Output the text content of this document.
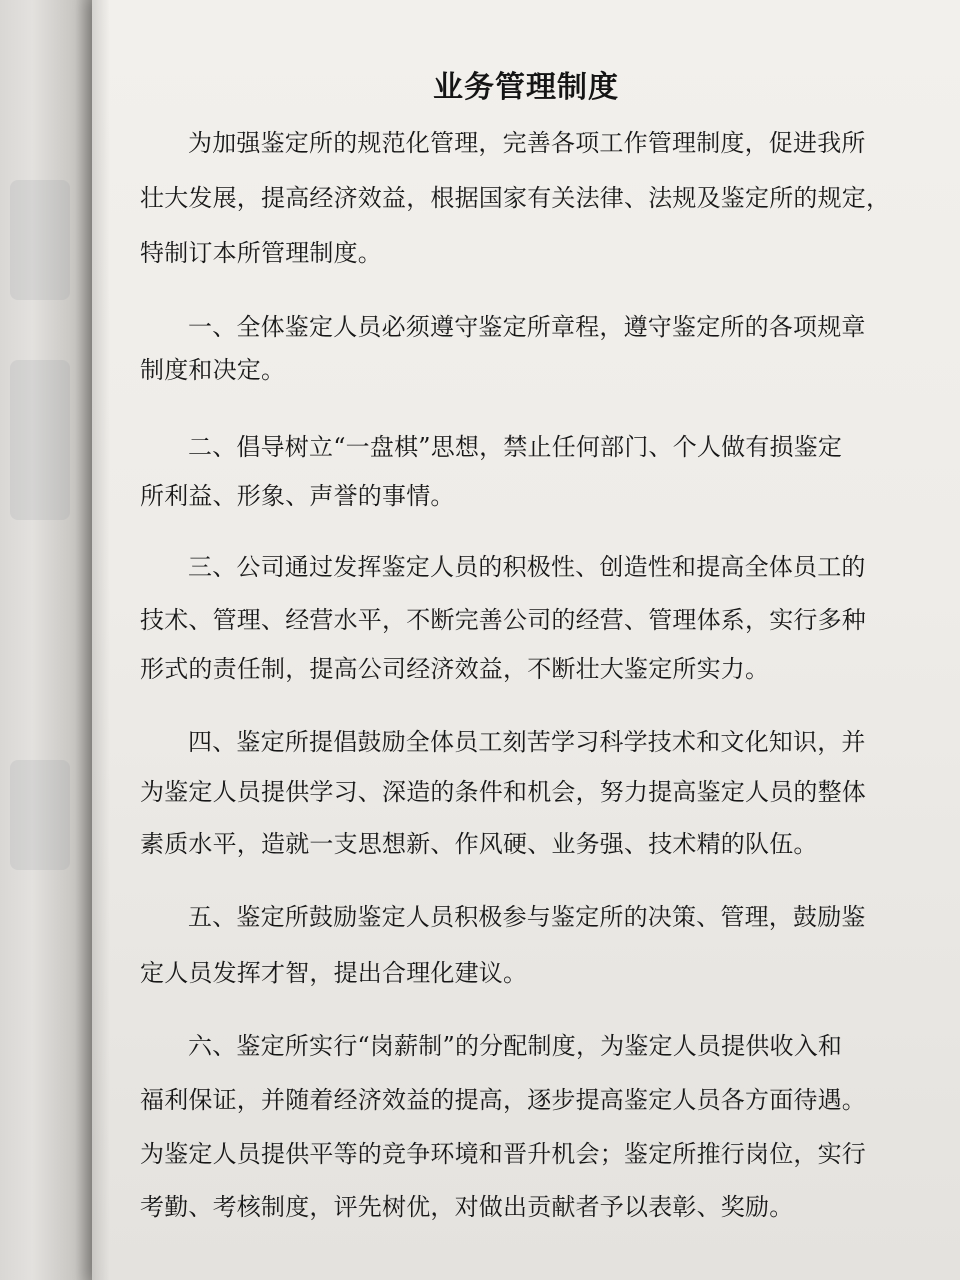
业务管理制度
为加强鉴定所的规范化管理，完善各项工作管理制度，促进我所
壮大发展，提高经济效益，根据国家有关法律、法规及鉴定所的规定，
特制订本所管理制度。
一、全体鉴定人员必须遵守鉴定所章程，遵守鉴定所的各项规章
制度和决定。
二、倡导树立“一盘棋”思想，禁止任何部门、个人做有损鉴定
所利益、形象、声誉的事情。
三、公司通过发挥鉴定人员的积极性、创造性和提高全体员工的
技术、管理、经营水平，不断完善公司的经营、管理体系，实行多种
形式的责任制，提高公司经济效益，不断壮大鉴定所实力。
四、鉴定所提倡鼓励全体员工刻苦学习科学技术和文化知识，并
为鉴定人员提供学习、深造的条件和机会，努力提高鉴定人员的整体
素质水平，造就一支思想新、作风硬、业务强、技术精的队伍。
五、鉴定所鼓励鉴定人员积极参与鉴定所的决策、管理，鼓励鉴
定人员发挥才智，提出合理化建议。
六、鉴定所实行“岗薪制”的分配制度，为鉴定人员提供收入和
福利保证，并随着经济效益的提高，逐步提高鉴定人员各方面待遇。
为鉴定人员提供平等的竞争环境和晋升机会；鉴定所推行岗位，实行
考勤、考核制度，评先树优，对做出贡献者予以表彰、奖励。
